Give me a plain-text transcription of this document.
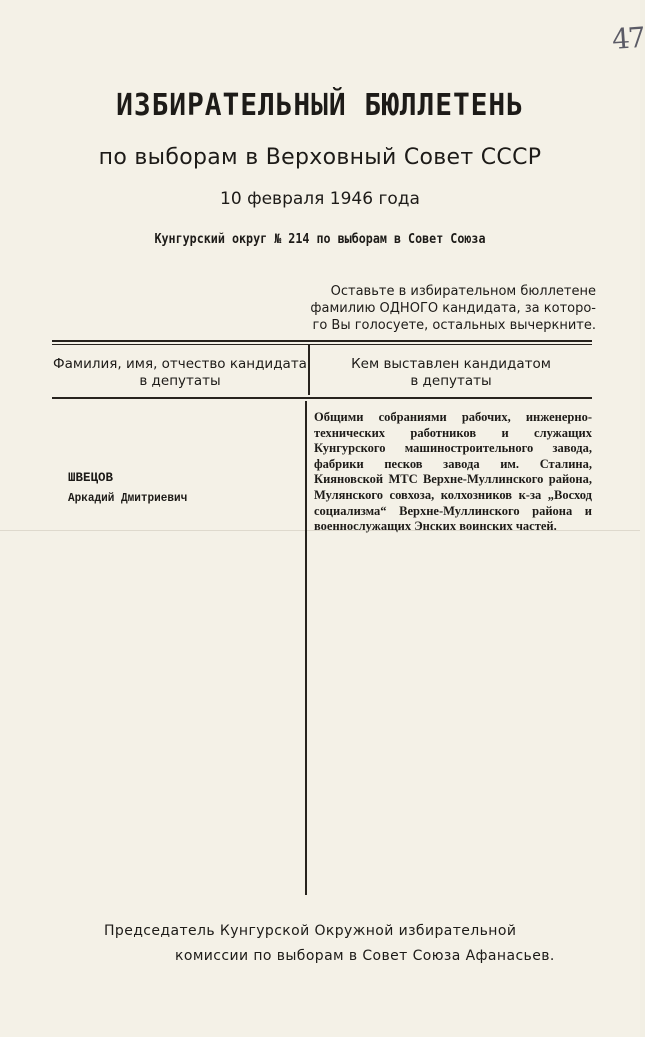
47
ИЗБИРАТЕЛЬНЫЙ БЮЛЛЕТЕНЬ
по выборам в Верховный Совет СССР
10 февраля 1946 года
Кунгурский округ № 214 по выборам в Совет Союза
Оставьте в избирательном бюллетене
фамилию ОДНОГО кандидата, за которо-
го Вы голосуете, остальных вычеркните.
Фамилия, имя, отчество кандидата
в депутаты
Кем выставлен кандидатом
в депутаты
ШВЕЦОВ
Аркадий Дмитриевич
Общими собраниями рабочих, инженерно-технических работников и служащих Кунгурского машиностроительного завода, фабрики песков завода им. Сталина, Кияновской МТС Верхне-Муллинского района, Мулянского совхоза, колхозников к-за „Восход социализма“ Верхне-Муллинского района и военнослужащих Энских воинских частей.
Председатель Кунгурской Окружной избирательной
комиссии по выборам в Совет Союза Афанасьев.
